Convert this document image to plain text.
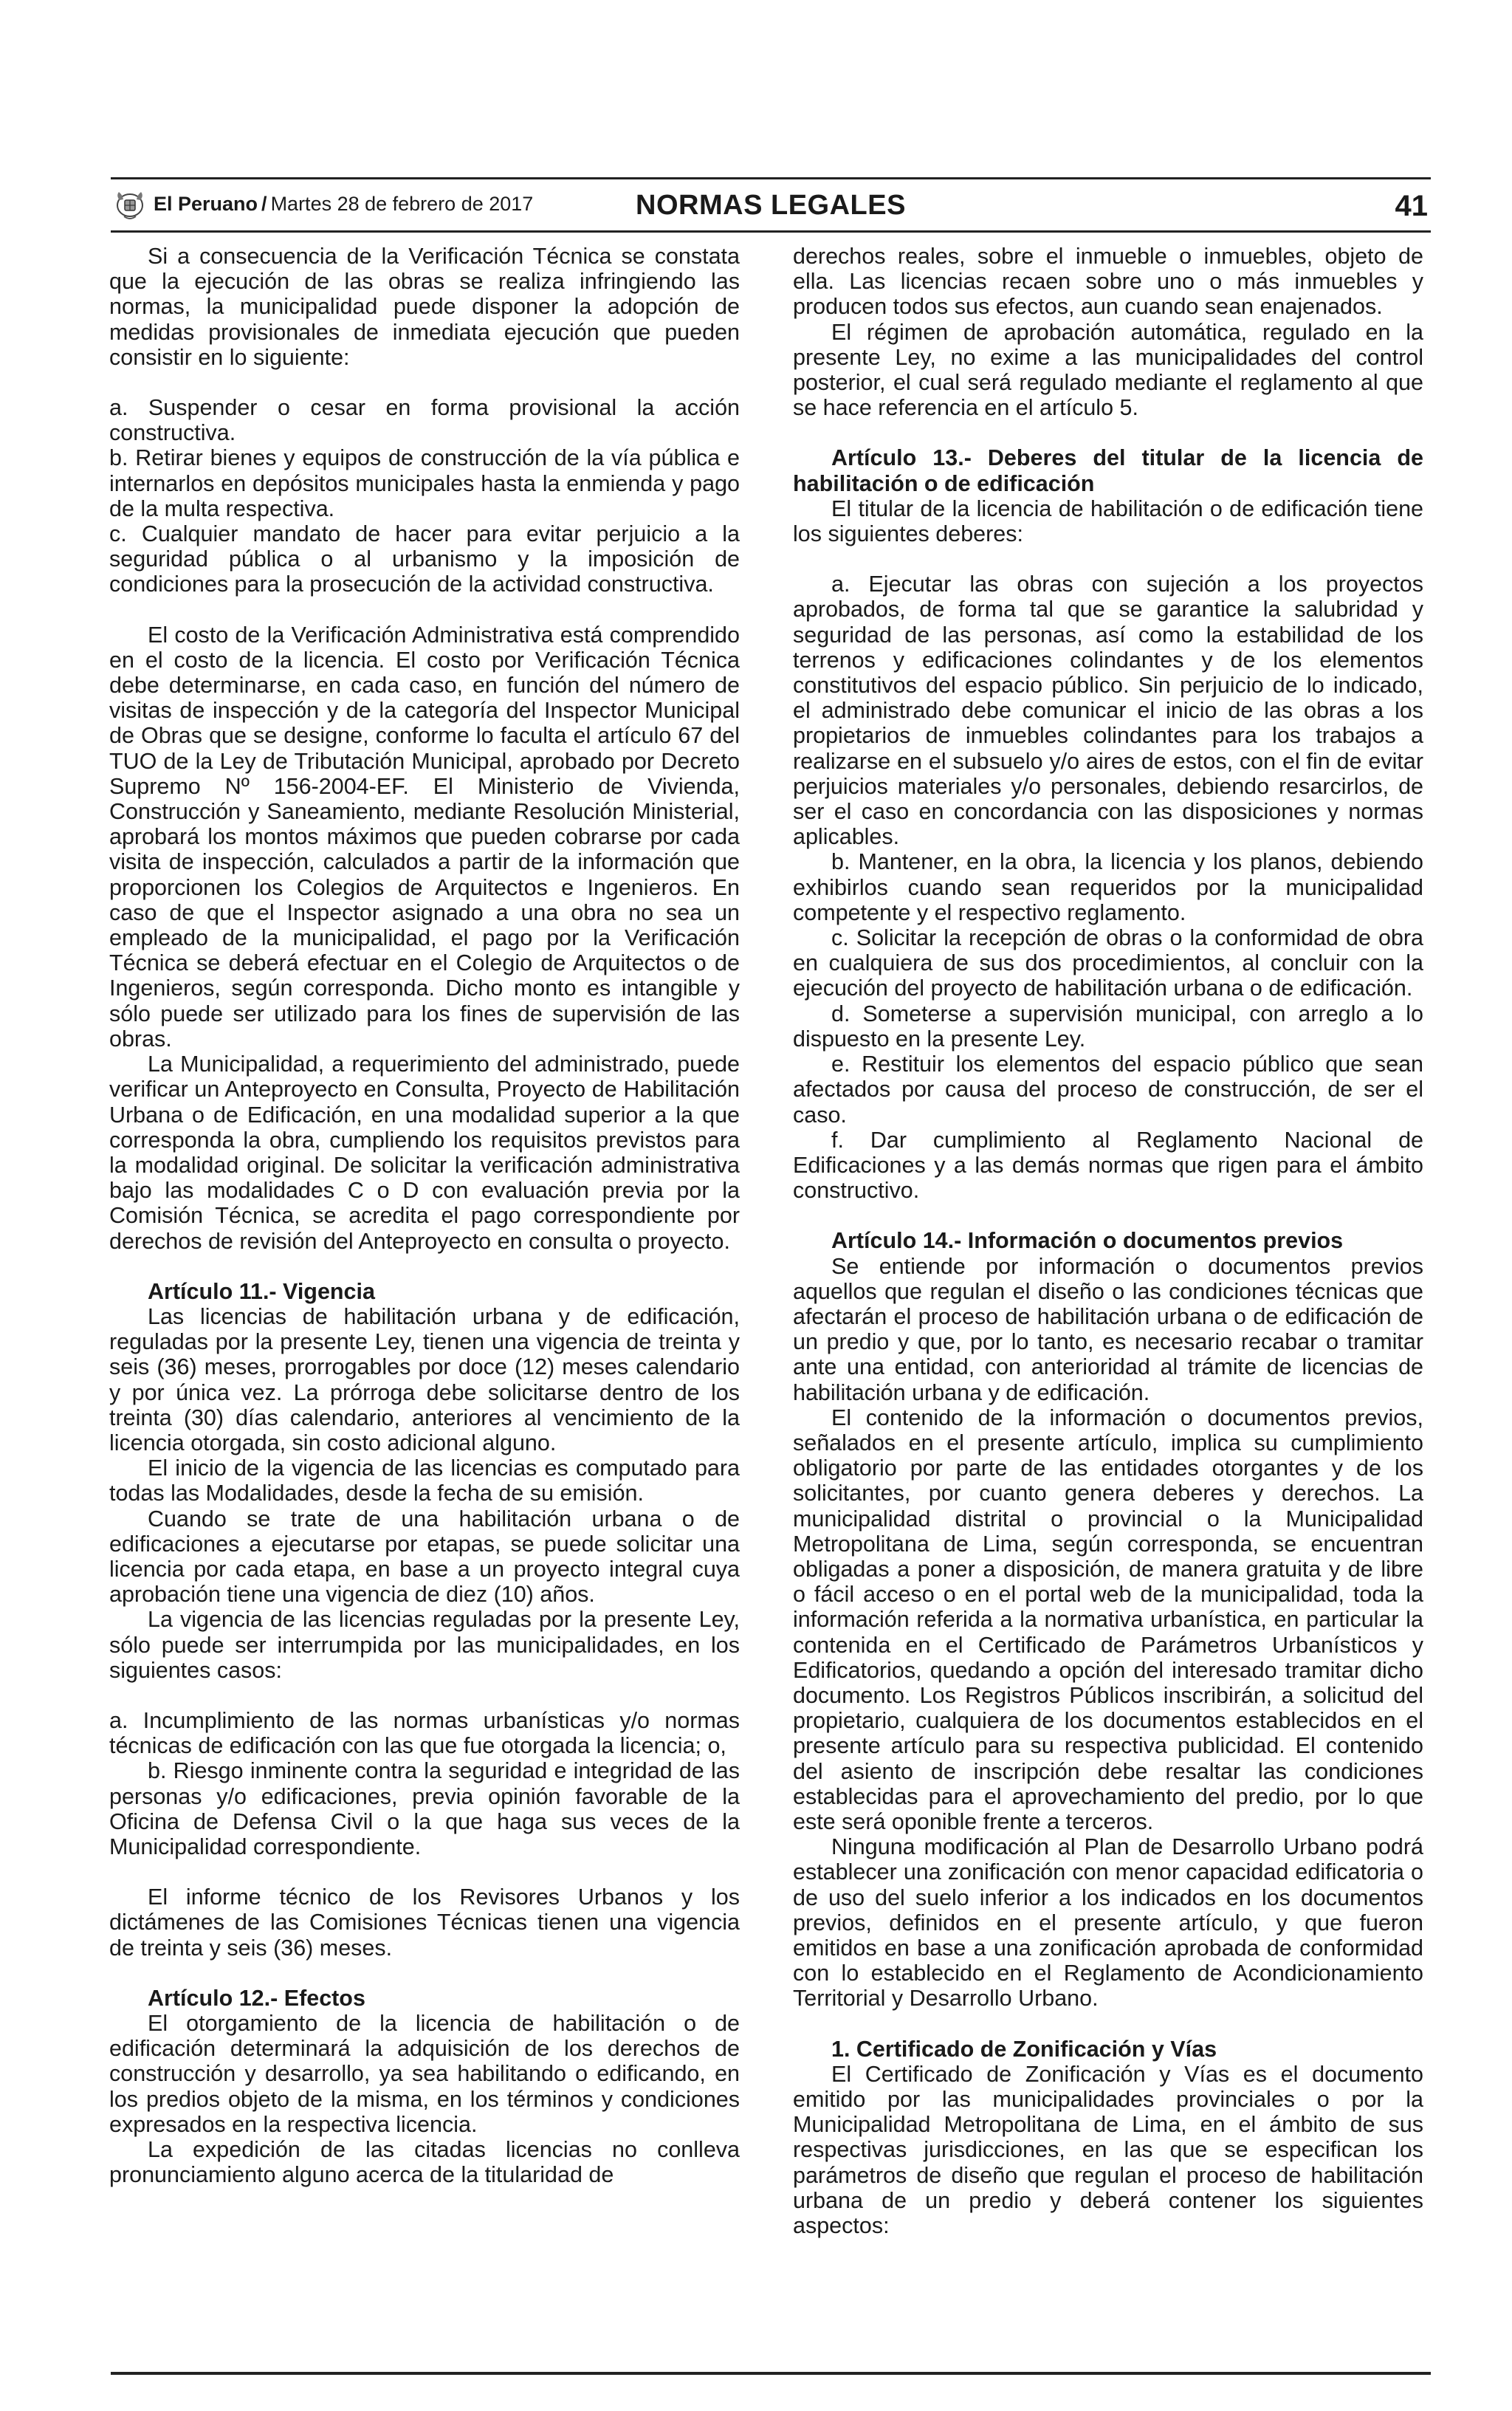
El Peruano / Martes 28 de febrero de 2017	NORMAS LEGALES	41

Si a consecuencia de la Verificación Técnica se constata que la ejecución de las obras se realiza infringiendo las normas, la municipalidad puede disponer la adopción de medidas provisionales de inmediata ejecución que pueden consistir en lo siguiente:

a. Suspender o cesar en forma provisional la acción constructiva.

b. Retirar bienes y equipos de construcción de la vía pública e internarlos en depósitos municipales hasta la enmienda y pago de la multa respectiva.

c. Cualquier mandato de hacer para evitar perjuicio a la seguridad pública o al urbanismo y la imposición de condiciones para la prosecución de la actividad constructiva.

El costo de la Verificación Administrativa está comprendido en el costo de la licencia. El costo por Verificación Técnica debe determinarse, en cada caso, en función del número de visitas de inspección y de la categoría del Inspector Municipal de Obras que se designe, conforme lo faculta el artículo 67 del TUO de la Ley de Tributación Municipal, aprobado por Decreto Supremo Nº 156-2004-EF. El Ministerio de Vivienda, Construcción y Saneamiento, mediante Resolución Ministerial, aprobará los montos máximos que pueden cobrarse por cada visita de inspección, calculados a partir de la información que proporcionen los Colegios de Arquitectos e Ingenieros. En caso de que el Inspector asignado a una obra no sea un empleado de la municipalidad, el pago por la Verificación Técnica se deberá efectuar en el Colegio de Arquitectos o de Ingenieros, según corresponda. Dicho monto es intangible y sólo puede ser utilizado para los fines de supervisión de las obras.

La Municipalidad, a requerimiento del administrado, puede verificar un Anteproyecto en Consulta, Proyecto de Habilitación Urbana o de Edificación, en una modalidad superior a la que corresponda la obra, cumpliendo los requisitos previstos para la modalidad original. De solicitar la verificación administrativa bajo las modalidades C o D con evaluación previa por la Comisión Técnica, se acredita el pago correspondiente por derechos de revisión del Anteproyecto en consulta o proyecto.

Artículo 11.- Vigencia

Las licencias de habilitación urbana y de edificación, reguladas por la presente Ley, tienen una vigencia de treinta y seis (36) meses, prorrogables por doce (12) meses calendario y por única vez. La prórroga debe solicitarse dentro de los treinta (30) días calendario, anteriores al vencimiento de la licencia otorgada, sin costo adicional alguno.

El inicio de la vigencia de las licencias es computado para todas las Modalidades, desde la fecha de su emisión.

Cuando se trate de una habilitación urbana o de edificaciones a ejecutarse por etapas, se puede solicitar una licencia por cada etapa, en base a un proyecto integral cuya aprobación tiene una vigencia de diez (10) años.

La vigencia de las licencias reguladas por la presente Ley, sólo puede ser interrumpida por las municipalidades, en los siguientes casos:

a. Incumplimiento de las normas urbanísticas y/o normas técnicas de edificación con las que fue otorgada la licencia; o,

b. Riesgo inminente contra la seguridad e integridad de las personas y/o edificaciones, previa opinión favorable de la Oficina de Defensa Civil o la que haga sus veces de la Municipalidad correspondiente.

El informe técnico de los Revisores Urbanos y los dictámenes de las Comisiones Técnicas tienen una vigencia de treinta y seis (36) meses.

Artículo 12.- Efectos

El otorgamiento de la licencia de habilitación o de edificación determinará la adquisición de los derechos de construcción y desarrollo, ya sea habilitando o edificando, en los predios objeto de la misma, en los términos y condiciones expresados en la respectiva licencia.

La expedición de las citadas licencias no conlleva pronunciamiento alguno acerca de la titularidad de

derechos reales, sobre el inmueble o inmuebles, objeto de ella. Las licencias recaen sobre uno o más inmuebles y producen todos sus efectos, aun cuando sean enajenados.

El régimen de aprobación automática, regulado en la presente Ley, no exime a las municipalidades del control posterior, el cual será regulado mediante el reglamento al que se hace referencia en el artículo 5.

Artículo 13.- Deberes del titular de la licencia de habilitación o de edificación

El titular de la licencia de habilitación o de edificación tiene los siguientes deberes:

a. Ejecutar las obras con sujeción a los proyectos aprobados, de forma tal que se garantice la salubridad y seguridad de las personas, así como la estabilidad de los terrenos y edificaciones colindantes y de los elementos constitutivos del espacio público. Sin perjuicio de lo indicado, el administrado debe comunicar el inicio de las obras a los propietarios de inmuebles colindantes para los trabajos a realizarse en el subsuelo y/o aires de estos, con el fin de evitar perjuicios materiales y/o personales, debiendo resarcirlos, de ser el caso en concordancia con las disposiciones y normas aplicables.

b. Mantener, en la obra, la licencia y los planos, debiendo exhibirlos cuando sean requeridos por la municipalidad competente y el respectivo reglamento.

c. Solicitar la recepción de obras o la conformidad de obra en cualquiera de sus dos procedimientos, al concluir con la ejecución del proyecto de habilitación urbana o de edificación.

d. Someterse a supervisión municipal, con arreglo a lo dispuesto en la presente Ley.

e. Restituir los elementos del espacio público que sean afectados por causa del proceso de construcción, de ser el caso.

f. Dar cumplimiento al Reglamento Nacional de Edificaciones y a las demás normas que rigen para el ámbito constructivo.

Artículo 14.- Información o documentos previos

Se entiende por información o documentos previos aquellos que regulan el diseño o las condiciones técnicas que afectarán el proceso de habilitación urbana o de edificación de un predio y que, por lo tanto, es necesario recabar o tramitar ante una entidad, con anterioridad al trámite de licencias de habilitación urbana y de edificación.

El contenido de la información o documentos previos, señalados en el presente artículo, implica su cumplimiento obligatorio por parte de las entidades otorgantes y de los solicitantes, por cuanto genera deberes y derechos. La municipalidad distrital o provincial o la Municipalidad Metropolitana de Lima, según corresponda, se encuentran obligadas a poner a disposición, de manera gratuita y de libre o fácil acceso o en el portal web de la municipalidad, toda la información referida a la normativa urbanística, en particular la contenida en el Certificado de Parámetros Urbanísticos y Edificatorios, quedando a opción del interesado tramitar dicho documento. Los Registros Públicos inscribirán, a solicitud del propietario, cualquiera de los documentos establecidos en el presente artículo para su respectiva publicidad. El contenido del asiento de inscripción debe resaltar las condiciones establecidas para el aprovechamiento del predio, por lo que este será oponible frente a terceros.

Ninguna modificación al Plan de Desarrollo Urbano podrá establecer una zonificación con menor capacidad edificatoria o de uso del suelo inferior a los indicados en los documentos previos, definidos en el presente artículo, y que fueron emitidos en base a una zonificación aprobada de conformidad con lo establecido en el Reglamento de Acondicionamiento Territorial y Desarrollo Urbano.

1. Certificado de Zonificación y Vías

El Certificado de Zonificación y Vías es el documento emitido por las municipalidades provinciales o por la Municipalidad Metropolitana de Lima, en el ámbito de sus respectivas jurisdicciones, en las que se especifican los parámetros de diseño que regulan el proceso de habilitación urbana de un predio y deberá contener los siguientes aspectos:
